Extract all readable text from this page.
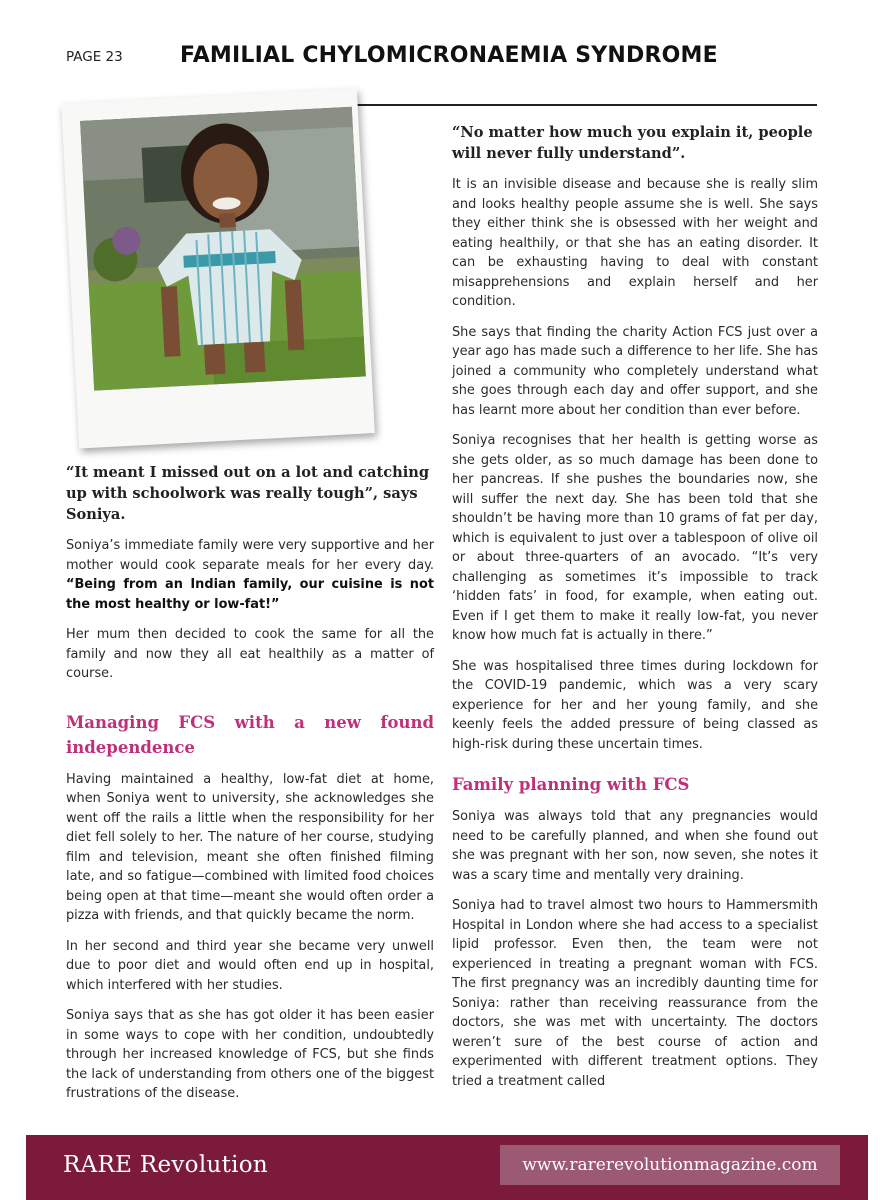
PAGE 23	FAMILIAL CHYLOMICRONAEMIA SYNDROME

“It meant I missed out on a lot and catching up with schoolwork was really tough”, says Soniya.

Soniya’s immediate family were very supportive and her mother would cook separate meals for her every day. “Being from an Indian family, our cuisine is not the most healthy or low-fat!”

Her mum then decided to cook the same for all the family and now they all eat healthily as a matter of course.

Managing FCS with a new found independence

Having maintained a healthy, low-fat diet at home, when Soniya went to university, she acknowledges she went off the rails a little when the responsibility for her diet fell solely to her. The nature of her course, studying film and television, meant she often finished filming late, and so fatigue—combined with limited food choices being open at that time—meant she would often order a pizza with friends, and that quickly became the norm.

In her second and third year she became very unwell due to poor diet and would often end up in hospital, which interfered with her studies.

Soniya says that as she has got older it has been easier in some ways to cope with her condition, undoubtedly through her increased knowledge of FCS, but she finds the lack of understanding from others one of the biggest frustrations of the disease.

“No matter how much you explain it, people will never fully understand”.

It is an invisible disease and because she is really slim and looks healthy people assume she is well. She says they either think she is obsessed with her weight and eating healthily, or that she has an eating disorder. It can be exhausting having to deal with constant misapprehensions and explain herself and her condition.

She says that finding the charity Action FCS just over a year ago has made such a difference to her life. She has joined a community who completely understand what she goes through each day and offer support, and she has learnt more about her condition than ever before.

Soniya recognises that her health is getting worse as she gets older, as so much damage has been done to her pancreas. If she pushes the boundaries now, she will suffer the next day. She has been told that she shouldn’t be having more than 10 grams of fat per day, which is equivalent to just over a tablespoon of olive oil or about three-quarters of an avocado. “It’s very challenging as sometimes it’s impossible to track ‘hidden fats’ in food, for example, when eating out. Even if I get them to make it really low-fat, you never know how much fat is actually in there.”

She was hospitalised three times during lockdown for the COVID-19 pandemic, which was a very scary experience for her and her young family, and she keenly feels the added pressure of being classed as high-risk during these uncertain times.

Family planning with FCS

Soniya was always told that any pregnancies would need to be carefully planned, and when she found out she was pregnant with her son, now seven, she notes it was a scary time and mentally very draining.

Soniya had to travel almost two hours to Hammersmith Hospital in London where she had access to a specialist lipid professor. Even then, the team were not experienced in treating a pregnant woman with FCS. The first pregnancy was an incredibly daunting time for Soniya: rather than receiving reassurance from the doctors, she was met with uncertainty. The doctors weren’t sure of the best course of action and experimented with different treatment options. They tried a treatment called

RARE Revolution	www.rarerevolutionmagazine.com
